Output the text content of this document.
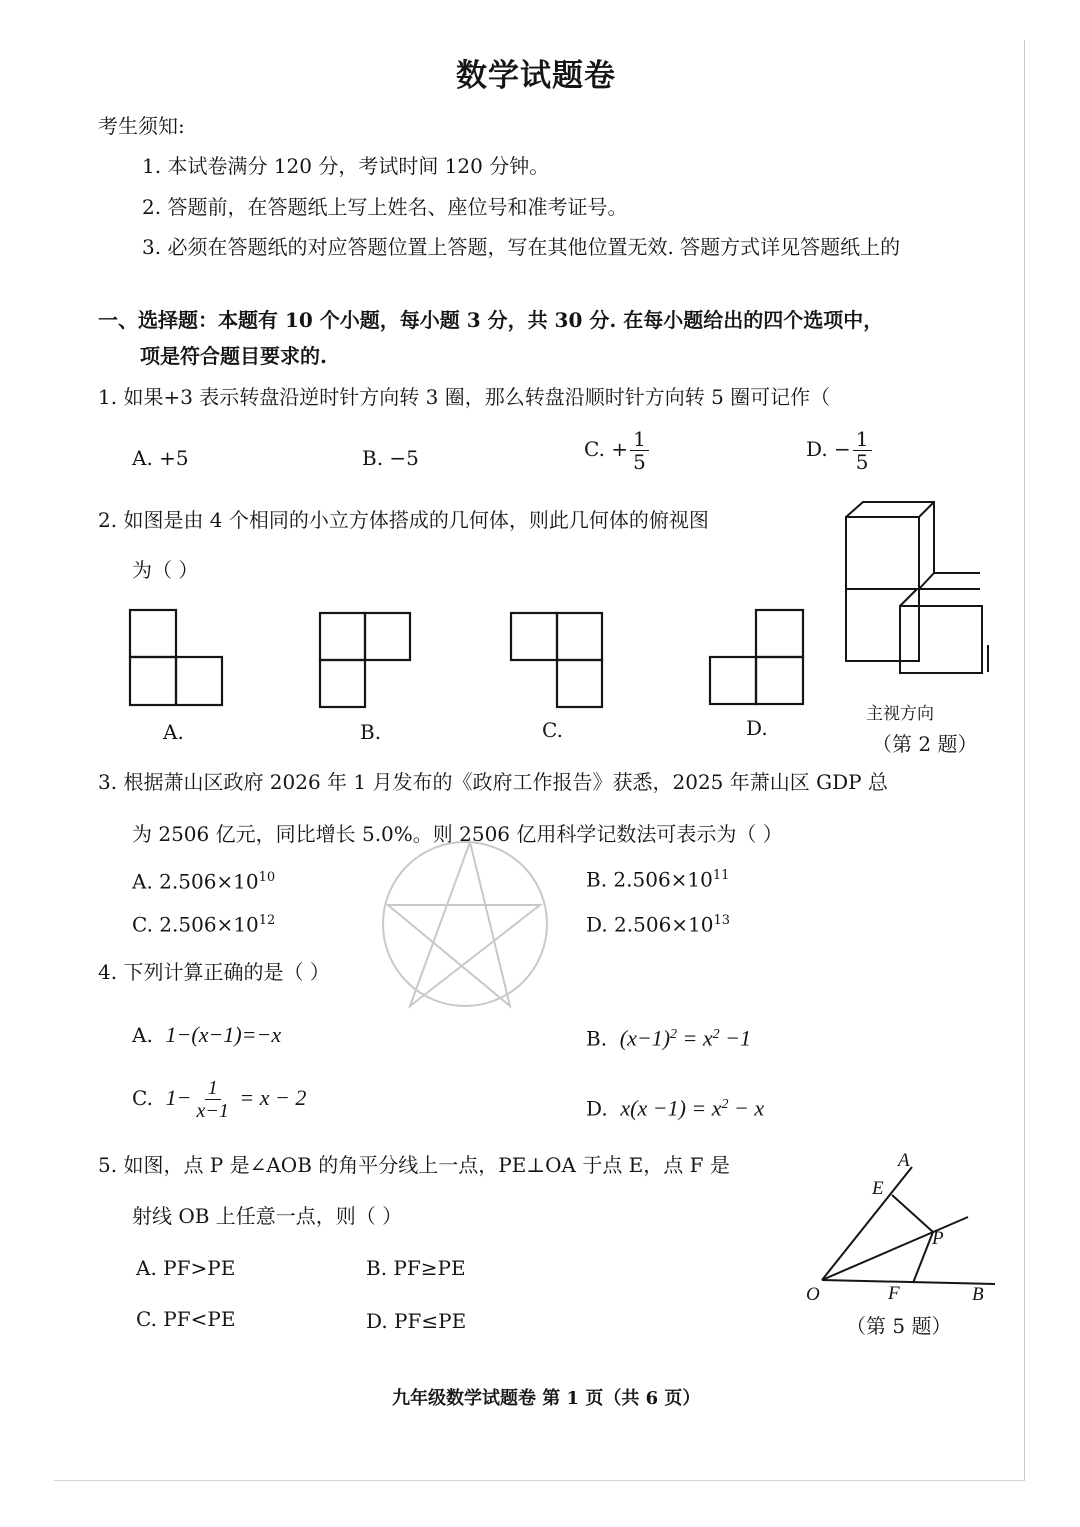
数学试题卷
考生须知:
1. 本试卷满分 120 分，考试时间 120 分钟。
2. 答题前，在答题纸上写上姓名、座位号和准考证号。
3. 必须在答题纸的对应答题位置上答题，写在其他位置无效. 答题方式详见答题纸上的
一、选择题：本题有 10 个小题，每小题 3 分，共 30 分. 在每小题给出的四个选项中，
项是符合题目要求的.
1. 如果+3 表示转盘沿逆时针方向转 3 圈，那么转盘沿顺时针方向转 5 圈可记作（
A. +5	B. −5	C. + $\frac{1}{5}$	D. − $\frac{1}{5}$
2. 如图是由 4 个相同的小立方体搭成的几何体，则此几何体的俯视图
为（ ）
A.	B.	C.	D.
主视方向
（第 2 题）
3. 根据萧山区政府 2026 年 1 月发布的《政府工作报告》获悉，2025 年萧山区 GDP 总
为 2506 亿元，同比增长 5.0%。则 2506 亿用科学记数法可表示为（ ）
A. $2.506\times 10^{10}$	B. $2.506\times 10^{11}$
C. $2.506\times 10^{12}$	D. $2.506\times 10^{13}$
4. 下列计算正确的是（ ）
A. 1−(x−1)=−x	B. $(x-1)^2 = x^2 -1$
C. $1- \frac{1}{x-1} = x - 2$	D. $x(x -1) = x^2 - x$
5. 如图，点 P 是∠AOB 的角平分线上一点，PE⊥OA 于点 E，点 F 是
射线 OB 上任意一点，则（ ）
A. PF>PE	B. PF≥PE
C. PF<PE	D. PF≤PE
A
E
P
O	F	B
（第 5 题）
九年级数学试题卷 第 1 页（共 6 页）
